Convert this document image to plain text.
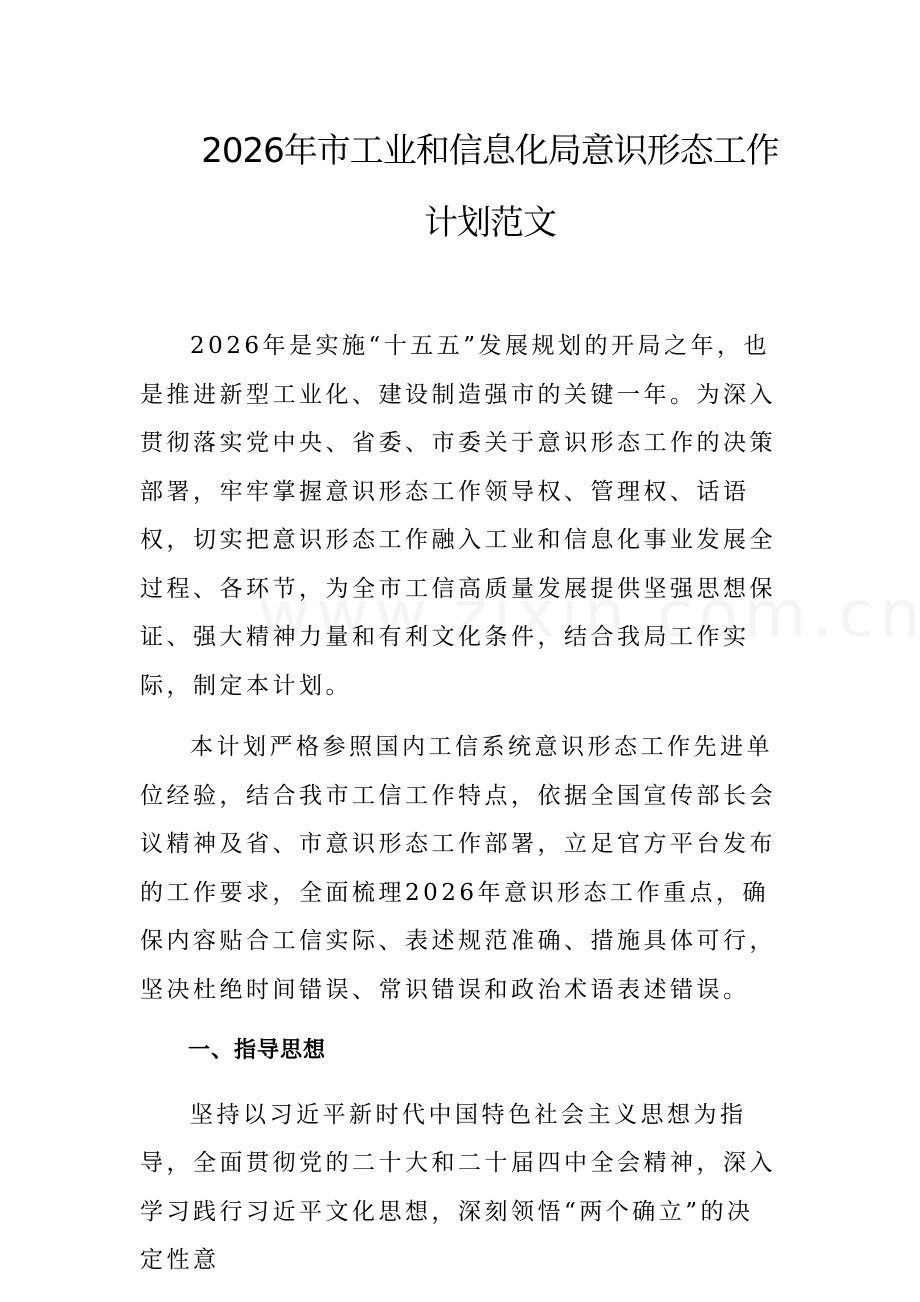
2026年市工业和信息化局意识形态工作
计划范文

2026年是实施“十五五”发展规划的开局之年，也是推进新型工业化、建设制造强市的关键一年。为深入贯彻落实党中央、省委、市委关于意识形态工作的决策部署，牢牢掌握意识形态工作领导权、管理权、话语权，切实把意识形态工作融入工业和信息化事业发展全过程、各环节，为全市工信高质量发展提供坚强思想保证、强大精神力量和有利文化条件，结合我局工作实际，制定本计划。

本计划严格参照国内工信系统意识形态工作先进单位经验，结合我市工信工作特点，依据全国宣传部长会议精神及省、市意识形态工作部署，立足官方平台发布的工作要求，全面梳理2026年意识形态工作重点，确保内容贴合工信实际、表述规范准确、措施具体可行，坚决杜绝时间错误、常识错误和政治术语表述错误。

一、指导思想

坚持以习近平新时代中国特色社会主义思想为指导，全面贯彻党的二十大和二十届四中全会精神，深入学习践行习近平文化思想，深刻领悟“两个确立”的决定性意
